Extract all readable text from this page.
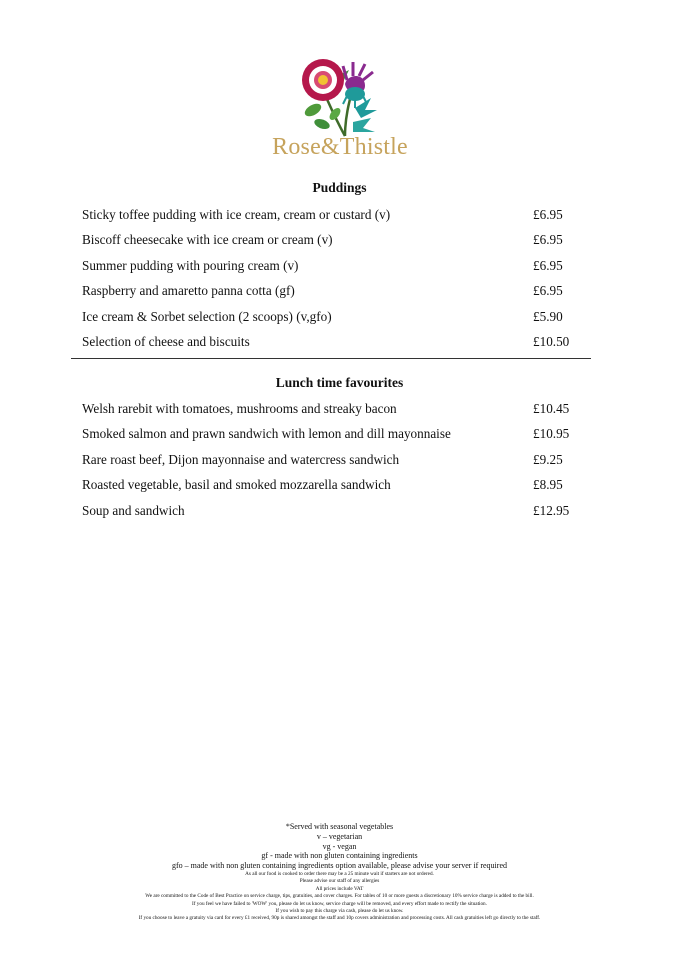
Rose&Thistle
Puddings
Sticky toffee pudding with ice cream, cream or custard (v)	£6.95
Biscoff cheesecake with ice cream or cream (v)	£6.95
Summer pudding with pouring cream (v)	£6.95
Raspberry and amaretto panna cotta (gf)	£6.95
Ice cream & Sorbet selection (2 scoops) (v,gfo)	£5.90
Selection of cheese and biscuits	£10.50
Lunch time favourites
Welsh rarebit with tomatoes, mushrooms and streaky bacon	£10.45
Smoked salmon and prawn sandwich with lemon and dill mayonnaise	£10.95
Rare roast beef, Dijon mayonnaise and watercress sandwich	£9.25
Roasted vegetable, basil and smoked mozzarella sandwich	£8.95
Soup and sandwich	£12.95
*Served with seasonal vegetables
v – vegetarian
vg - vegan
gf - made with non gluten containing ingredients
gfo – made with non gluten containing ingredients option available, please advise your server if required
As all our food is cooked to order there may be a 25 minute wait if starters are not ordered.
Please advise our staff of any allergies
All prices include VAT
We are committed to the Code of Best Practice on service charge, tips, gratuities, and cover charges. For tables of 10 or more guests a discretionary 10% service charge is added to the bill.
If you feel we have failed to 'WOW' you, please do let us know, service charge will be removed, and every effort made to rectify the situation.
If you wish to pay this charge via cash, please do let us know.
If you choose to leave a gratuity via card for every £1 received, 90p is shared amongst the staff and 10p covers administration and processing costs. All cash gratuities left go directly to the staff.
